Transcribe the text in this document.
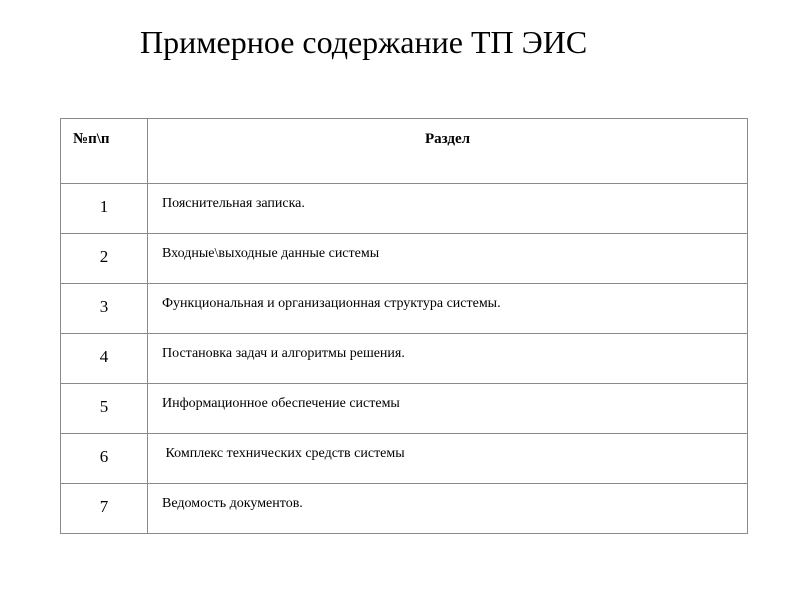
Примерное содержание ТП ЭИС
№п\п	Раздел
1	Пояснительная записка.
2	Входные\выходные данные системы
3	Функциональная и организационная структура системы.
4	Постановка задач и алгоритмы решения.
5	Информационное обеспечение системы
6	Комплекс технических средств системы
7	Ведомость документов.
